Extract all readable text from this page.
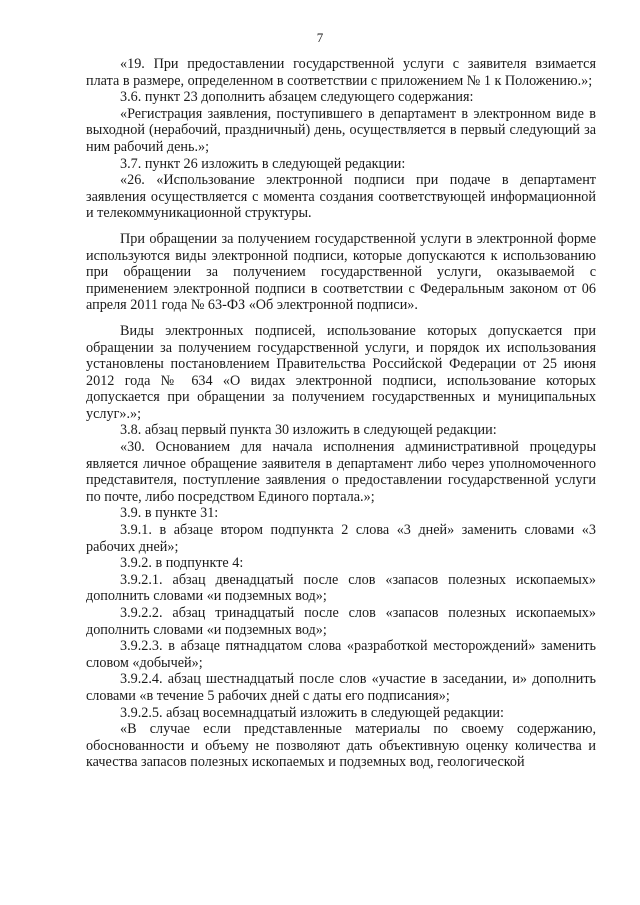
7

«19. При предоставлении государственной услуги с заявителя взимается плата в размере, определенном в соответствии с приложением № 1 к Положению.»;

3.6. пункт 23 дополнить абзацем следующего содержания:

«Регистрация заявления, поступившего в департамент в электронном виде в выходной (нерабочий, праздничный) день, осуществляется в первый следующий за ним рабочий день.»;

3.7. пункт 26 изложить в следующей редакции:

«26. «Использование электронной подписи при подаче в департамент заявления осуществляется с момента создания соответствующей информационной и телекоммуникационной структуры.

При обращении за получением государственной услуги в электронной форме используются виды электронной подписи, которые допускаются к использованию при обращении за получением государственной услуги, оказываемой с применением электронной подписи в соответствии с Федеральным законом от 06 апреля 2011 года № 63-ФЗ «Об электронной подписи».

Виды электронных подписей, использование которых допускается при обращении за получением государственной услуги, и порядок их использования установлены постановлением Правительства Российской Федерации от 25 июня 2012 года № 634 «О видах электронной подписи, использование которых допускается при обращении за получением государственных и муниципальных услуг».»;

3.8. абзац первый пункта 30 изложить в следующей редакции:

«30. Основанием для начала исполнения административной процедуры является личное обращение заявителя в департамент либо через уполномоченного представителя, поступление заявления о предоставлении государственной услуги по почте, либо посредством Единого портала.»;

3.9. в пункте 31:

3.9.1. в абзаце втором подпункта 2 слова «3 дней» заменить словами «3 рабочих дней»;

3.9.2. в подпункте 4:

3.9.2.1. абзац двенадцатый после слов «запасов полезных ископаемых» дополнить словами «и подземных вод»;

3.9.2.2. абзац тринадцатый после слов «запасов полезных ископаемых» дополнить словами «и подземных вод»;

3.9.2.3. в абзаце пятнадцатом слова «разработкой месторождений» заменить словом «добычей»;

3.9.2.4. абзац шестнадцатый после слов «участие в заседании, и» дополнить словами «в течение 5 рабочих дней с даты его подписания»;

3.9.2.5. абзац восемнадцатый изложить в следующей редакции:

«В случае если представленные материалы по своему содержанию, обоснованности и объему не позволяют дать объективную оценку количества и качества запасов полезных ископаемых и подземных вод, геологической
